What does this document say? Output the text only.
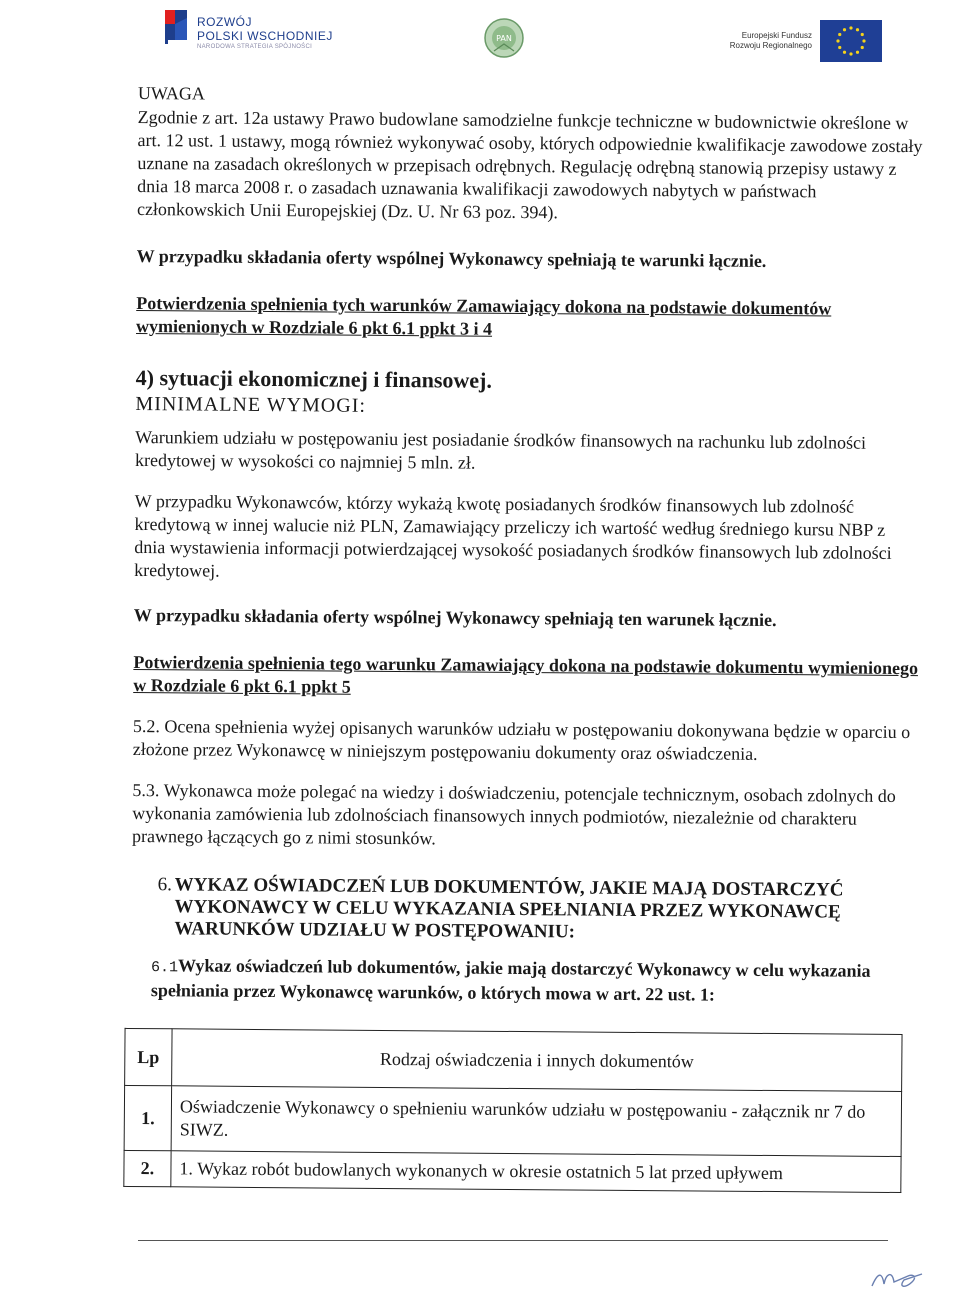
ROZWÓJ
POLSKI WSCHODNIEJ
NARODOWA STRATEGIA SPÓJNOŚCI
PAN	Europejski Fundusz
Rozwoju Regionalnego

UWAGA

Zgodnie z art. 12a ustawy Prawo budowlane samodzielne funkcje techniczne w budownictwie określone w art. 12 ust. 1 ustawy, mogą również wykonywać osoby, których odpowiednie kwalifikacje zawodowe zostały uznane na zasadach określonych w przepisach odrębnych. Regulację odrębną stanowią przepisy ustawy z dnia 18 marca 2008 r. o zasadach uznawania kwalifikacji zawodowych nabytych w państwach członkowskich Unii Europejskiej (Dz. U. Nr 63 poz. 394).

W przypadku składania oferty wspólnej Wykonawcy spełniają te warunki łącznie.

Potwierdzenia spełnienia tych warunków Zamawiający dokona na podstawie dokumentów wymienionych w Rozdziale 6 pkt 6.1 ppkt 3 i 4

4) sytuacji ekonomicznej i finansowej.

MINIMALNE WYMOGI:

Warunkiem udziału w postępowaniu jest posiadanie środków finansowych na rachunku lub zdolności kredytowej w wysokości co najmniej 5 mln. zł.

W przypadku Wykonawców, którzy wykażą kwotę posiadanych środków finansowych lub zdolność kredytową w innej walucie niż PLN, Zamawiający przeliczy ich wartość według średniego kursu NBP z dnia wystawienia informacji potwierdzającej wysokość posiadanych środków finansowych lub zdolności kredytowej.

W przypadku składania oferty wspólnej Wykonawcy spełniają ten warunek łącznie.

Potwierdzenia spełnienia tego warunku Zamawiający dokona na podstawie dokumentu wymienionego w Rozdziale 6 pkt 6.1 ppkt 5

5.2. Ocena spełnienia wyżej opisanych warunków udziału w postępowaniu dokonywana będzie w oparciu o złożone przez Wykonawcę w niniejszym postępowaniu dokumenty oraz oświadczenia.

5.3. Wykonawca może polegać na wiedzy i doświadczeniu, potencjale technicznym, osobach zdolnych do wykonania zamówienia lub zdolnościach finansowych innych podmiotów, niezależnie od charakteru prawnego łączących go z nimi stosunków.

6. WYKAZ OŚWIADCZEŃ LUB DOKUMENTÓW, JAKIE MAJĄ DOSTARCZYĆ WYKONAWCY W CELU WYKAZANIA SPEŁNIANIA PRZEZ WYKONAWCĘ WARUNKÓW UDZIAŁU W POSTĘPOWANIU:

6.1Wykaz oświadczeń lub dokumentów, jakie mają dostarczyć Wykonawcy w celu wykazania spełniania przez Wykonawcę warunków, o których mowa w art. 22 ust. 1:

Lp	Rodzaj oświadczenia i innych dokumentów
1.	Oświadczenie Wykonawcy o spełnieniu warunków udziału w postępowaniu - załącznik nr 7 do SIWZ.
2.	1. Wykaz robót budowlanych wykonanych w okresie ostatnich 5 lat przed upływem
